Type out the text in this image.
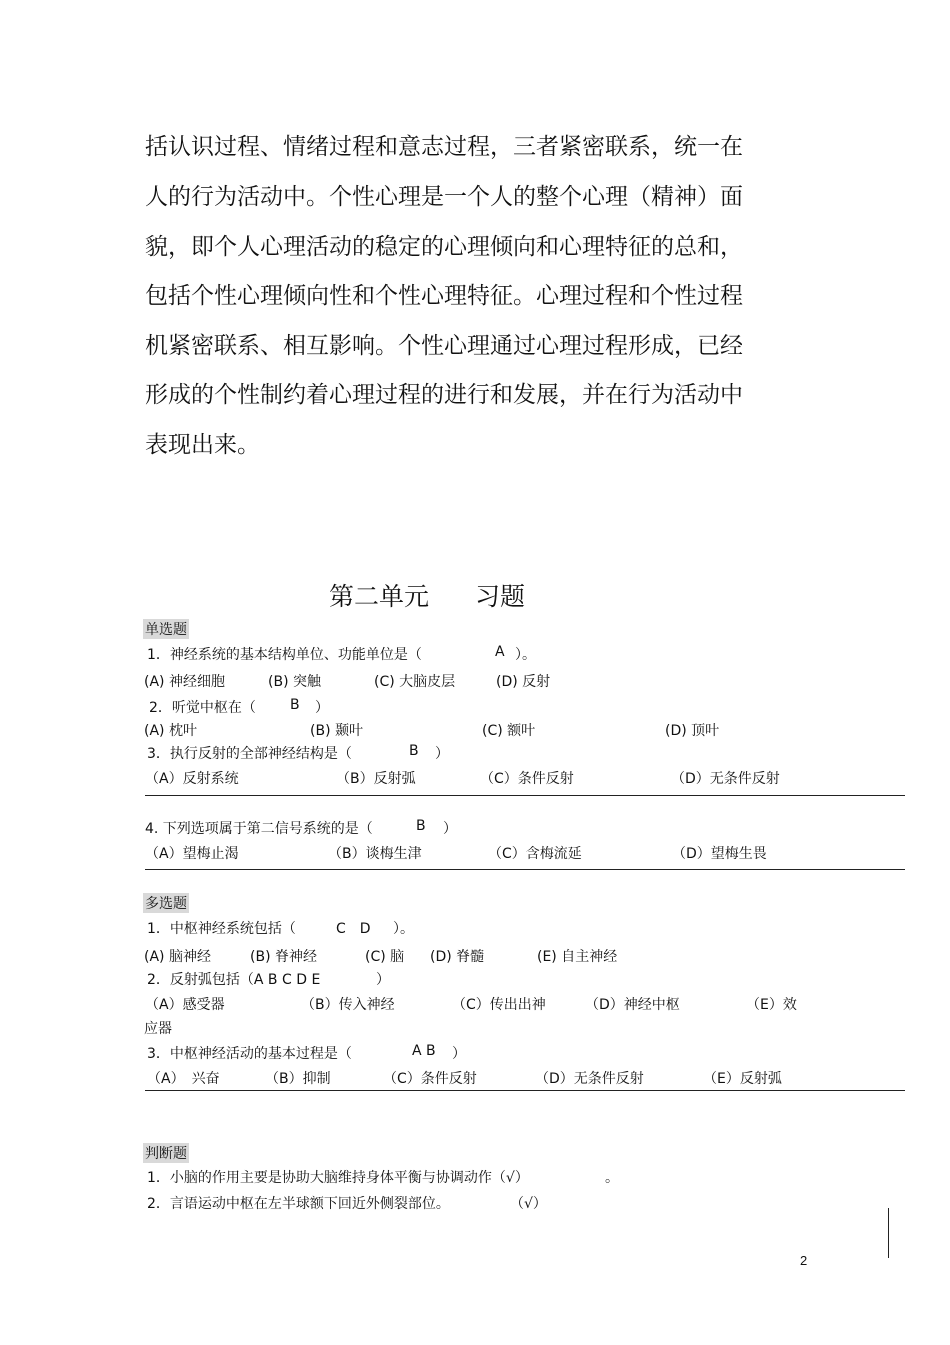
括认识过程、情绪过程和意志过程，三者紧密联系，统一在
人的行为活动中。个性心理是一个人的整个心理（精神）面
貌，即个人心理活动的稳定的心理倾向和心理特征的总和，
包括个性心理倾向性和个性心理特征。心理过程和个性过程
机紧密联系、相互影响。个性心理通过心理过程形成，已经
形成的个性制约着心理过程的进行和发展，并在行为活动中
表现出来。
第二单元 习题
单选题
1．神经系统的基本结构单位、功能单位是（	A ）。
(A) 神经细胞	(B) 突触	(C) 大脑皮层	(D) 反射
2．听觉中枢在（ B ）
(A) 枕叶	(B) 颞叶	(C) 额叶	(D) 顶叶
3．执行反射的全部神经结构是（	B ）
（A）反射系统	（B）反射弧	（C）条件反射	（D）无条件反射
4. 下列选项属于第二信号系统的是（	B ）
（A）望梅止渴	（B）谈梅生津	（C）含梅流延	（D）望梅生畏
多选题
1．中枢神经系统包括（	C　D ）。
(A) 脑神经	(B) 脊神经	(C) 脑 (D) 脊髓	(E) 自主神经
2．反射弧包括（A B C D E	）
（A）感受器	（B）传入神经	（C）传出出神	（D）神经中枢	（E）效
应器
3．中枢神经活动的基本过程是（	A B ）
（A）　兴奋	（B）抑制	（C）条件反射	（D）无条件反射	（E）反射弧
判断题
1．小脑的作用主要是协助大脑维持身体平衡与协调动作（√）	。
2．言语运动中枢在左半球额下回近外侧裂部位。	（√）
2
